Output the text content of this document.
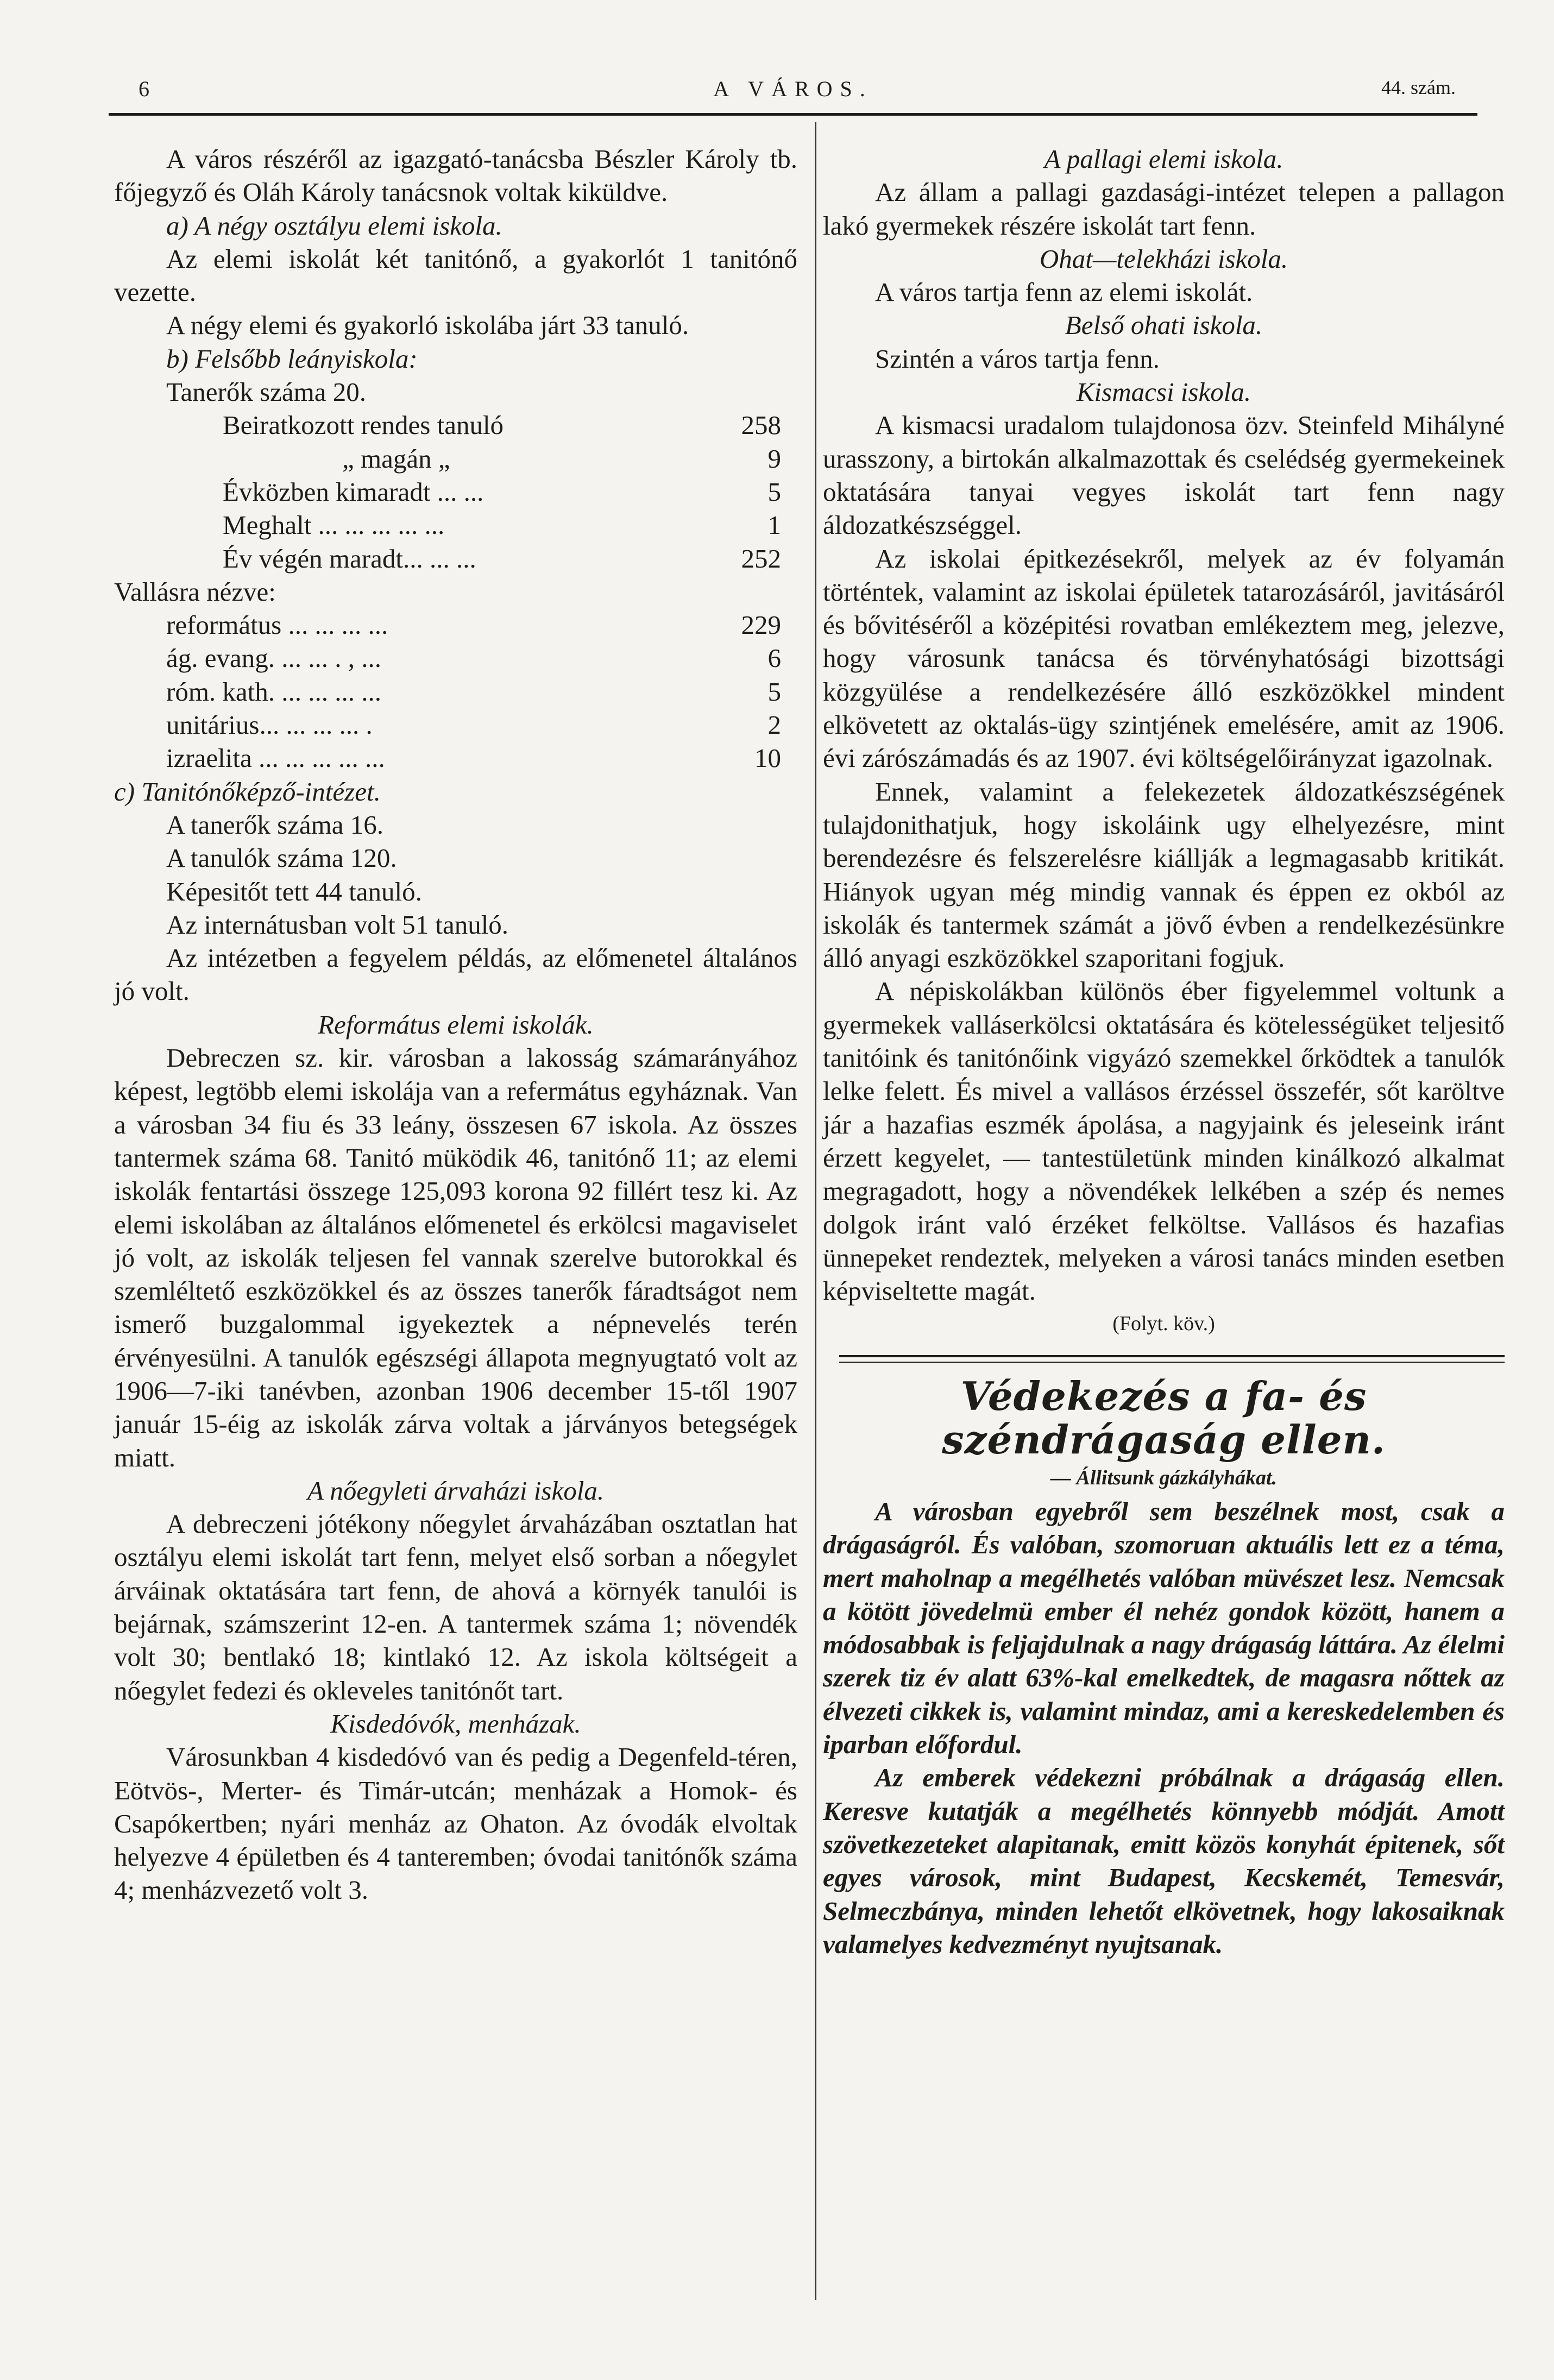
6	A VÁROS.	44. szám.

A város részéről az igazgató-tanácsba Bészler Károly tb. főjegyző és Oláh Károly tanácsnok voltak kiküldve.

a) A négy osztályu elemi iskola.

Az elemi iskolát két tanitónő, a gyakorlót 1 tanitónő vezette.

A négy elemi és gyakorló iskolába járt 33 tanuló.

b) Felsőbb leányiskola:

Tanerők száma 20.

Beiratkozott rendes tanuló	258
„ magán „	9
Évközben kimaradt ... ...	5
Meghalt ... ... ... ... ...	1
Év végén maradt... ... ...	252

Vallásra nézve:

református ... ... ... ...	229
ág. evang. ... ... . , ...	6
róm. kath. ... ... ... ...	5
unitárius... ... ... ... .	2
izraelita ... ... ... ... ...	10

c) Tanitónőképző-intézet.

A tanerők száma 16.

A tanulók száma 120.

Képesitőt tett 44 tanuló.

Az internátusban volt 51 tanuló.

Az intézetben a fegyelem példás, az előmenetel általános jó volt.

Református elemi iskolák.

Debreczen sz. kir. városban a lakosság számarányához képest, legtöbb elemi iskolája van a refermátus egyháznak. Van a városban 34 fiu és 33 leány, összesen 67 iskola. Az összes tantermek száma 68. Tanitó müködik 46, tanitónő 11; az elemi iskolák fentartási összege 125,093 korona 92 fillért tesz ki. Az elemi iskolában az általános előmenetel és erkölcsi magaviselet jó volt, az iskolák teljesen fel vannak szerelve butorokkal és szemléltető eszközökkel és az összes tanerők fáradtságot nem ismerő buzgalommal igyekeztek a népnevelés terén érvényesülni. A tanulók egészségi állapota megnyugtató volt az 1906—7-iki tanévben, azonban 1906 december 15-től 1907 január 15-éig az iskolák zárva voltak a járványos betegségek miatt.

A nőegyleti árvaházi iskola.

A debreczeni jótékony nőegylet árvaházában osztatlan hat osztályu elemi iskolát tart fenn, melyet első sorban a nőegylet árváinak oktatására tart fenn, de ahová a környék tanulói is bejárnak, számszerint 12-en. A tantermek száma 1; növendék volt 30; bentlakó 18; kintlakó 12. Az iskola költségeit a nőegylet fedezi és okleveles tanitónőt tart.

Kisdedóvók, menházak.

Városunkban 4 kisdedóvó van és pedig a Degenfeld-téren, Eötvös-, Merter- és Timár-utcán; menházak a Homok- és Csapókertben; nyári menház az Ohaton. Az óvodák elvoltak helyezve 4 épületben és 4 tanteremben; óvodai tanitónők száma 4; menházvezető volt 3.

A pallagi elemi iskola.

Az állam a pallagi gazdasági-intézet telepen a pallagon lakó gyermekek részére iskolát tart fenn.

Ohat—telekházi iskola.

A város tartja fenn az elemi iskolát.

Belső ohati iskola.

Szintén a város tartja fenn.

Kismacsi iskola.

A kismacsi uradalom tulajdonosa özv. Steinfeld Mihályné urasszony, a birtokán alkalmazottak és cselédség gyermekeinek oktatására tanyai vegyes iskolát tart fenn nagy áldozatkészséggel.

Az iskolai épitkezésekről, melyek az év folyamán történtek, valamint az iskolai épületek tatarozásáról, javitásáról és bővitéséről a középitési rovatban emlékeztem meg, jelezve, hogy városunk tanácsa és törvényhatósági bizottsági közgyülése a rendelkezésére álló eszközökkel mindent elkövetett az oktalás-ügy szintjének emelésére, amit az 1906. évi zárószámadás és az 1907. évi költségelőirányzat igazolnak.

Ennek, valamint a felekezetek áldozatkészségének tulajdonithatjuk, hogy iskoláink ugy elhelyezésre, mint berendezésre és felszerelésre kiállják a legmagasabb kritikát. Hiányok ugyan még mindig vannak és éppen ez okból az iskolák és tantermek számát a jövő évben a rendelkezésünkre álló anyagi eszközökkel szaporitani fogjuk.

A népiskolákban különös éber figyelemmel voltunk a gyermekek valláserkölcsi oktatására és kötelességüket teljesitő tanitóink és tanitónőink vigyázó szemekkel őrködtek a tanulók lelke felett. És mivel a vallásos érzéssel összefér, sőt karöltve jár a hazafias eszmék ápolása, a nagyjaink és jeleseink iránt érzett kegyelet, — tantestületünk minden kinálkozó alkalmat megragadott, hogy a növendékek lelkében a szép és nemes dolgok iránt való érzéket felköltse. Vallásos és hazafias ünnepeket rendeztek, melyeken a városi tanács minden esetben képviseltette magát.

(Folyt. köv.)

Védekezés a fa- és széndrágaság ellen.

— Állitsunk gázkályhákat.

A városban egyebről sem beszélnek most, csak a drágaságról. És valóban, szomoruan aktuális lett ez a téma, mert maholnap a megélhetés valóban müvészet lesz. Nemcsak a kötött jövedelmü ember él nehéz gondok között, hanem a módosabbak is feljajdulnak a nagy drágaság láttára. Az élelmi szerek tiz év alatt 63%-kal emelkedtek, de magasra nőttek az élvezeti cikkek is, valamint mindaz, ami a kereskedelemben és iparban előfordul.

Az emberek védekezni próbálnak a drágaság ellen. Keresve kutatják a megélhetés könnyebb módját. Amott szövetkezeteket alapitanak, emitt közös konyhát épitenek, sőt egyes városok, mint Budapest, Kecskemét, Temesvár, Selmeczbánya, minden lehetőt elkövetnek, hogy lakosaiknak valamelyes kedvezményt nyujtsanak.
